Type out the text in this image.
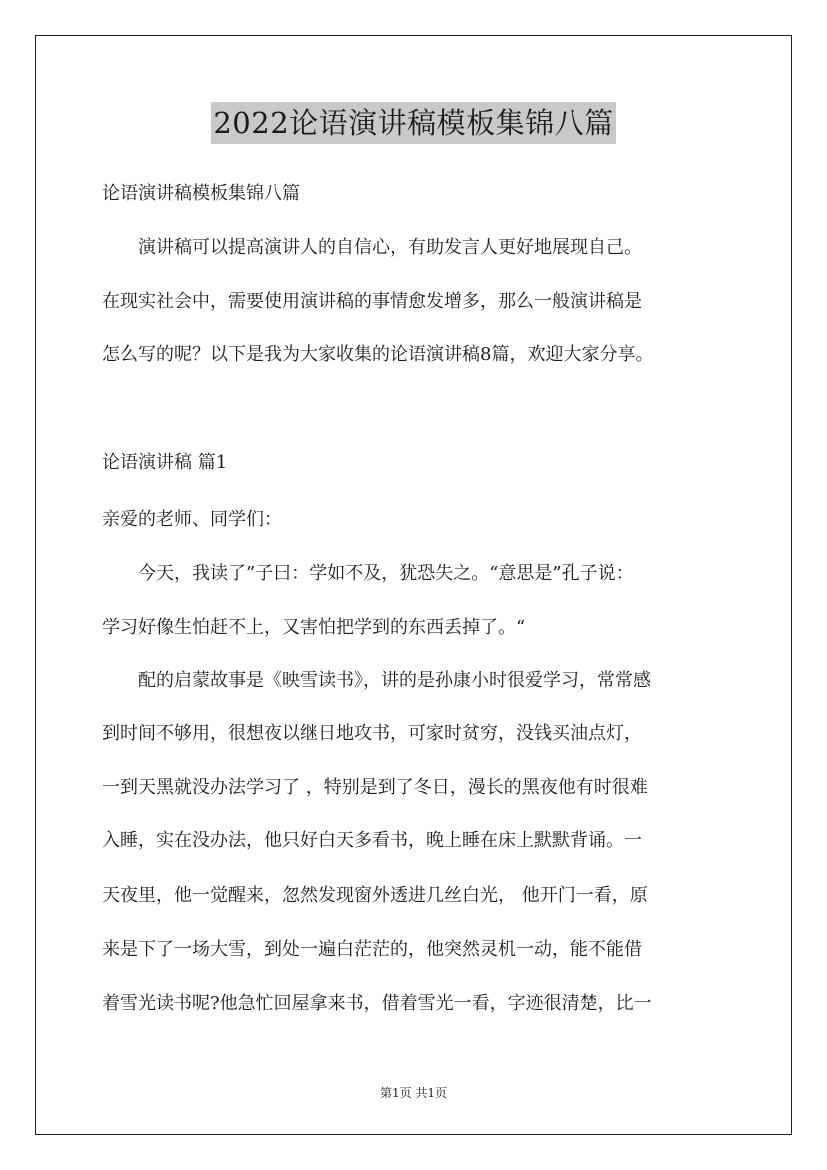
2022论语演讲稿模板集锦八篇
论语演讲稿模板集锦八篇
　　演讲稿可以提高演讲人的自信心，有助发言人更好地展现自己。
在现实社会中，需要使用演讲稿的事情愈发增多，那么一般演讲稿是
怎么写的呢？以下是我为大家收集的论语演讲稿8篇，欢迎大家分享。
论语演讲稿 篇1
亲爱的老师、同学们：
　　今天，我读了”子曰：学如不及，犹恐失之。“意思是”孔子说：
学习好像生怕赶不上，又害怕把学到的东西丢掉了。“
　　配的启蒙故事是《映雪读书》，讲的是孙康小时很爱学习，常常感
到时间不够用，很想夜以继日地攻书，可家时贫穷，没钱买油点灯，
一到天黑就没办法学习了 ，特别是到了冬日，漫长的黑夜他有时很难
入睡，实在没办法，他只好白天多看书，晚上睡在床上默默背诵。一
天夜里，他一觉醒来，忽然发现窗外透进几丝白光， 他开门一看，原
来是下了一场大雪，到处一遍白茫茫的，他突然灵机一动，能不能借
着雪光读书呢?他急忙回屋拿来书，借着雪光一看，字迹很清楚，比一
第1页 共1页
